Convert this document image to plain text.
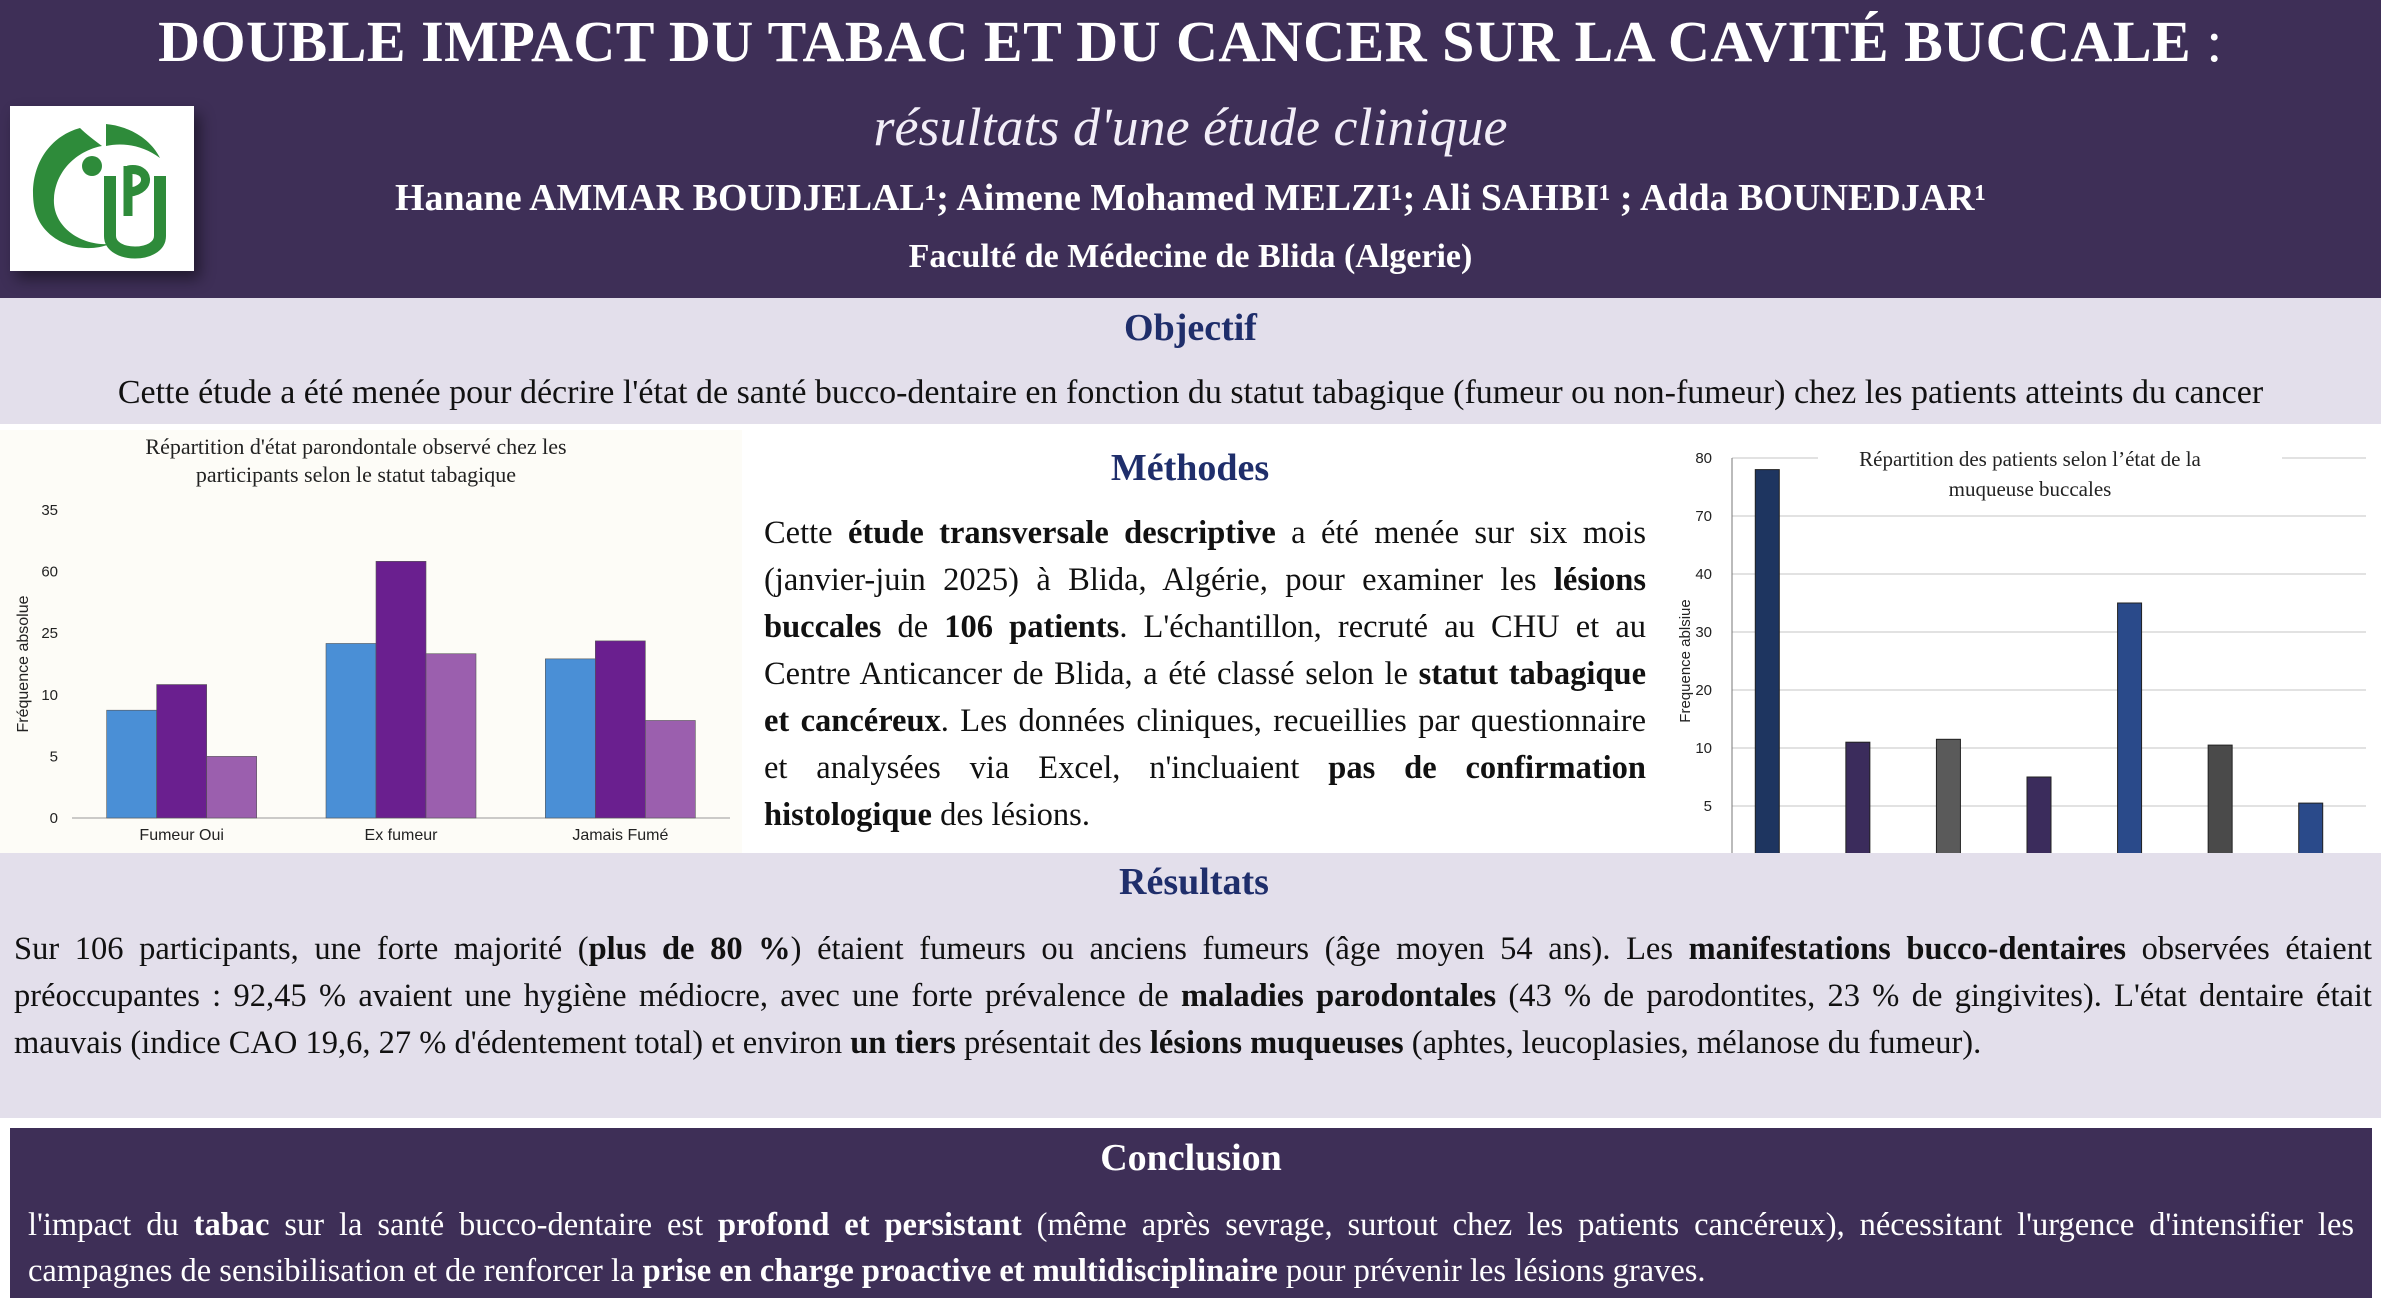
DOUBLE IMPACT DU TABAC ET DU CANCER SUR LA CAVITÉ BUCCALE :
résultats d'une étude clinique
Hanane AMMAR BOUDJELAL¹; Aimene Mohamed MELZI¹; Ali SAHBI¹ ; Adda BOUNEDJAR¹
Faculté de Médecine de Blida (Algerie)
Objectif
Cette étude a été menée pour décrire l'état de santé bucco-dentaire en fonction du statut tabagique (fumeur ou non-fumeur) chez les patients atteints du cancer
Répartition d'état parondontale observé chez les
participants selon le statut tabagique
0
5
10
25
60
35
Fréquence absolue
Fumeur Oui	Ex fumeur	Jamais Fumé
Méthodes
Cette étude transversale descriptive a été menée sur six mois (janvier-juin 2025) à Blida, Algérie, pour examiner les lésions buccales de 106 patients. L'échantillon, recruté au CHU et au Centre Anticancer de Blida, a été classé selon le statut tabagique et cancéreux. Les données cliniques, recueillies par questionnaire et analysées via Excel, n'incluaient pas de confirmation histologique des lésions.	5
10
20
30
40
70
80	Répartition des patients selon l’état de la
muqueuse buccales
Frequence ablsiue
Résultats
Sur 106 participants, une forte majorité (plus de 80 %) étaient fumeurs ou anciens fumeurs (âge moyen 54 ans). Les manifestations bucco-dentaires observées étaient préoccupantes : 92,45 % avaient une hygiène médiocre, avec une forte prévalence de maladies parodontales (43 % de parodontites, 23 % de gingivites). L'état dentaire était mauvais (indice CAO 19,6, 27 % d'édentement total) et environ un tiers présentait des lésions muqueuses (aphtes, leucoplasies, mélanose du fumeur).
Conclusion
l'impact du tabac sur la santé bucco-dentaire est profond et persistant (même après sevrage, surtout chez les patients cancéreux), nécessitant l'urgence d'intensifier les campagnes de sensibilisation et de renforcer la prise en charge proactive et multidisciplinaire pour prévenir les lésions graves.
